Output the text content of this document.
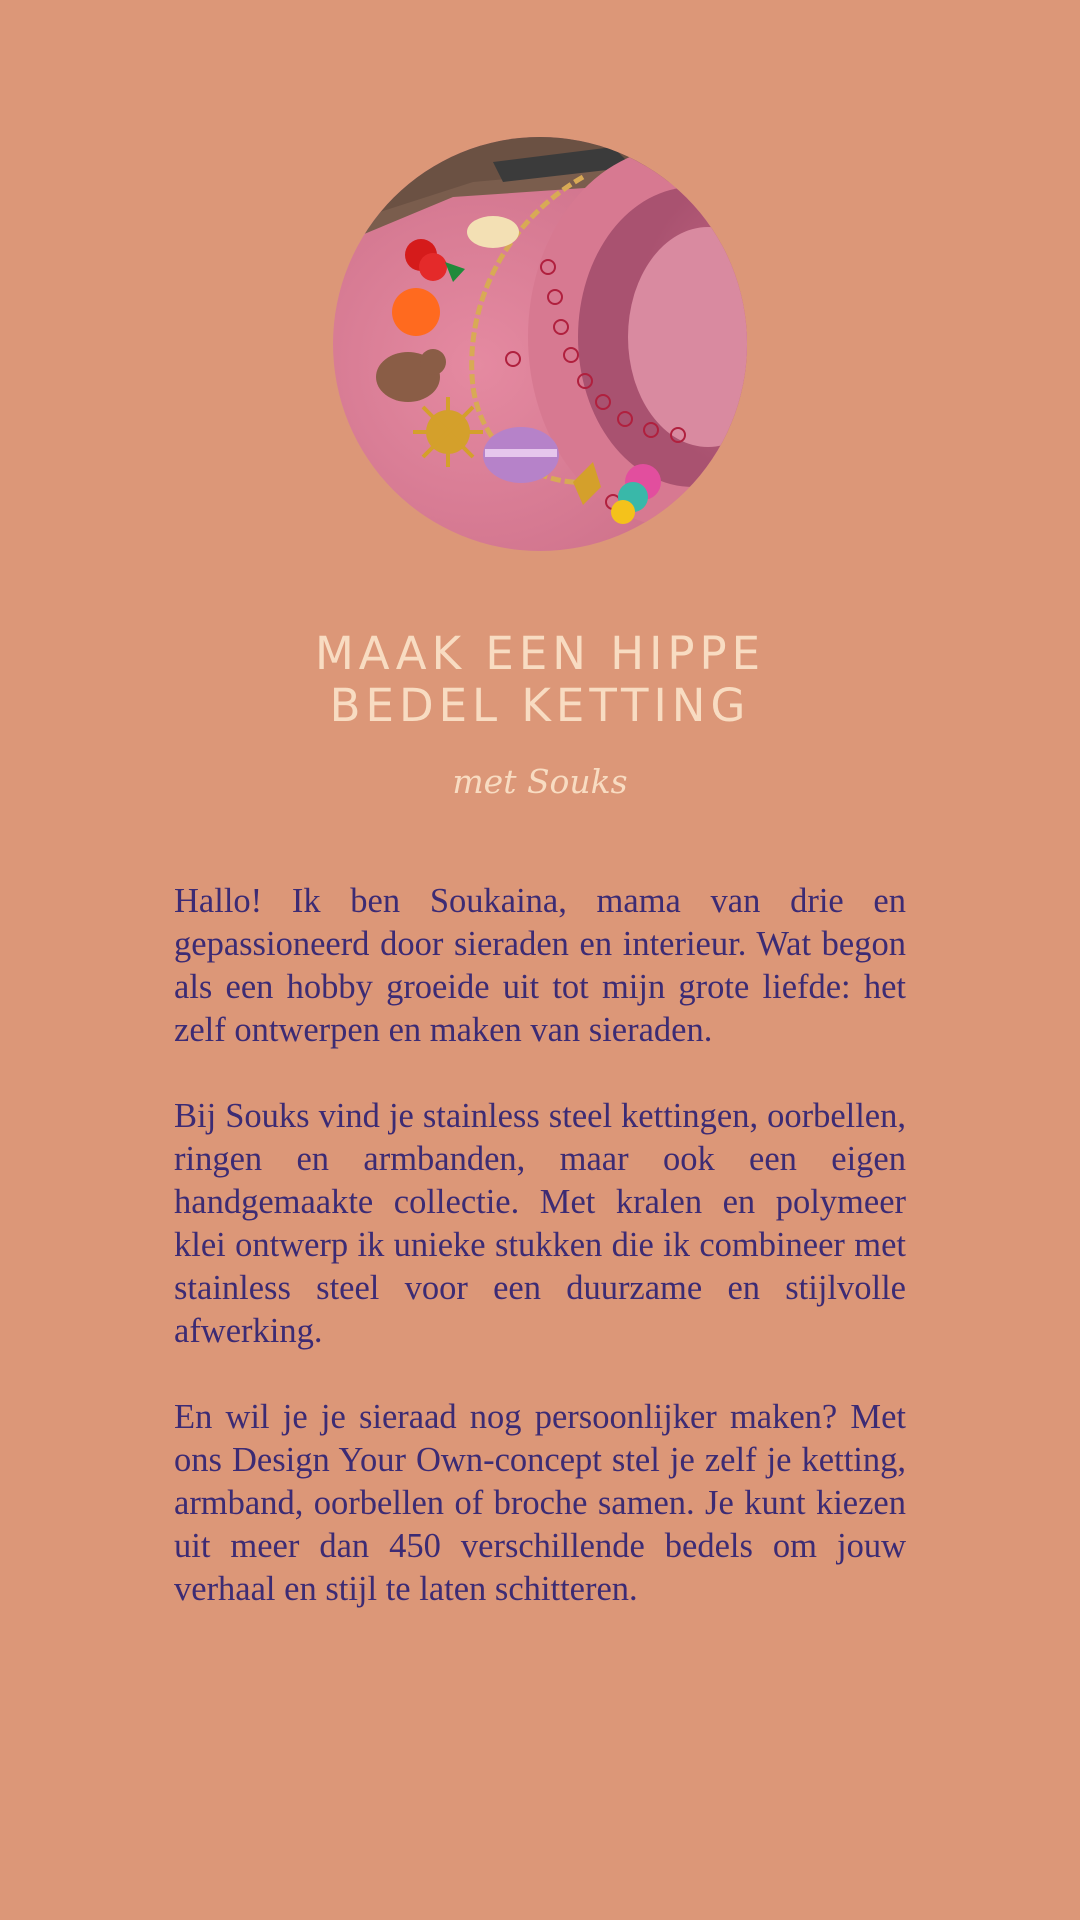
MAAK EEN HIPPE
BEDEL KETTING
met Souks

Hallo! Ik ben Soukaina, mama van drie en gepassioneerd door sieraden en interieur. Wat begon als een hobby groeide uit tot mijn grote liefde: het zelf ontwerpen en maken van sieraden.

Bij Souks vind je stainless steel kettingen, oorbellen, ringen en armbanden, maar ook een eigen handgemaakte collectie. Met kralen en polymeer klei ontwerp ik unieke stukken die ik combineer met stainless steel voor een duurzame en stijlvolle afwerking.

En wil je je sieraad nog persoonlijker maken? Met ons Design Your Own-concept stel je zelf je ketting, armband, oorbellen of broche samen. Je kunt kiezen uit meer dan 450 verschillende bedels om jouw verhaal en stijl te laten schitteren.
